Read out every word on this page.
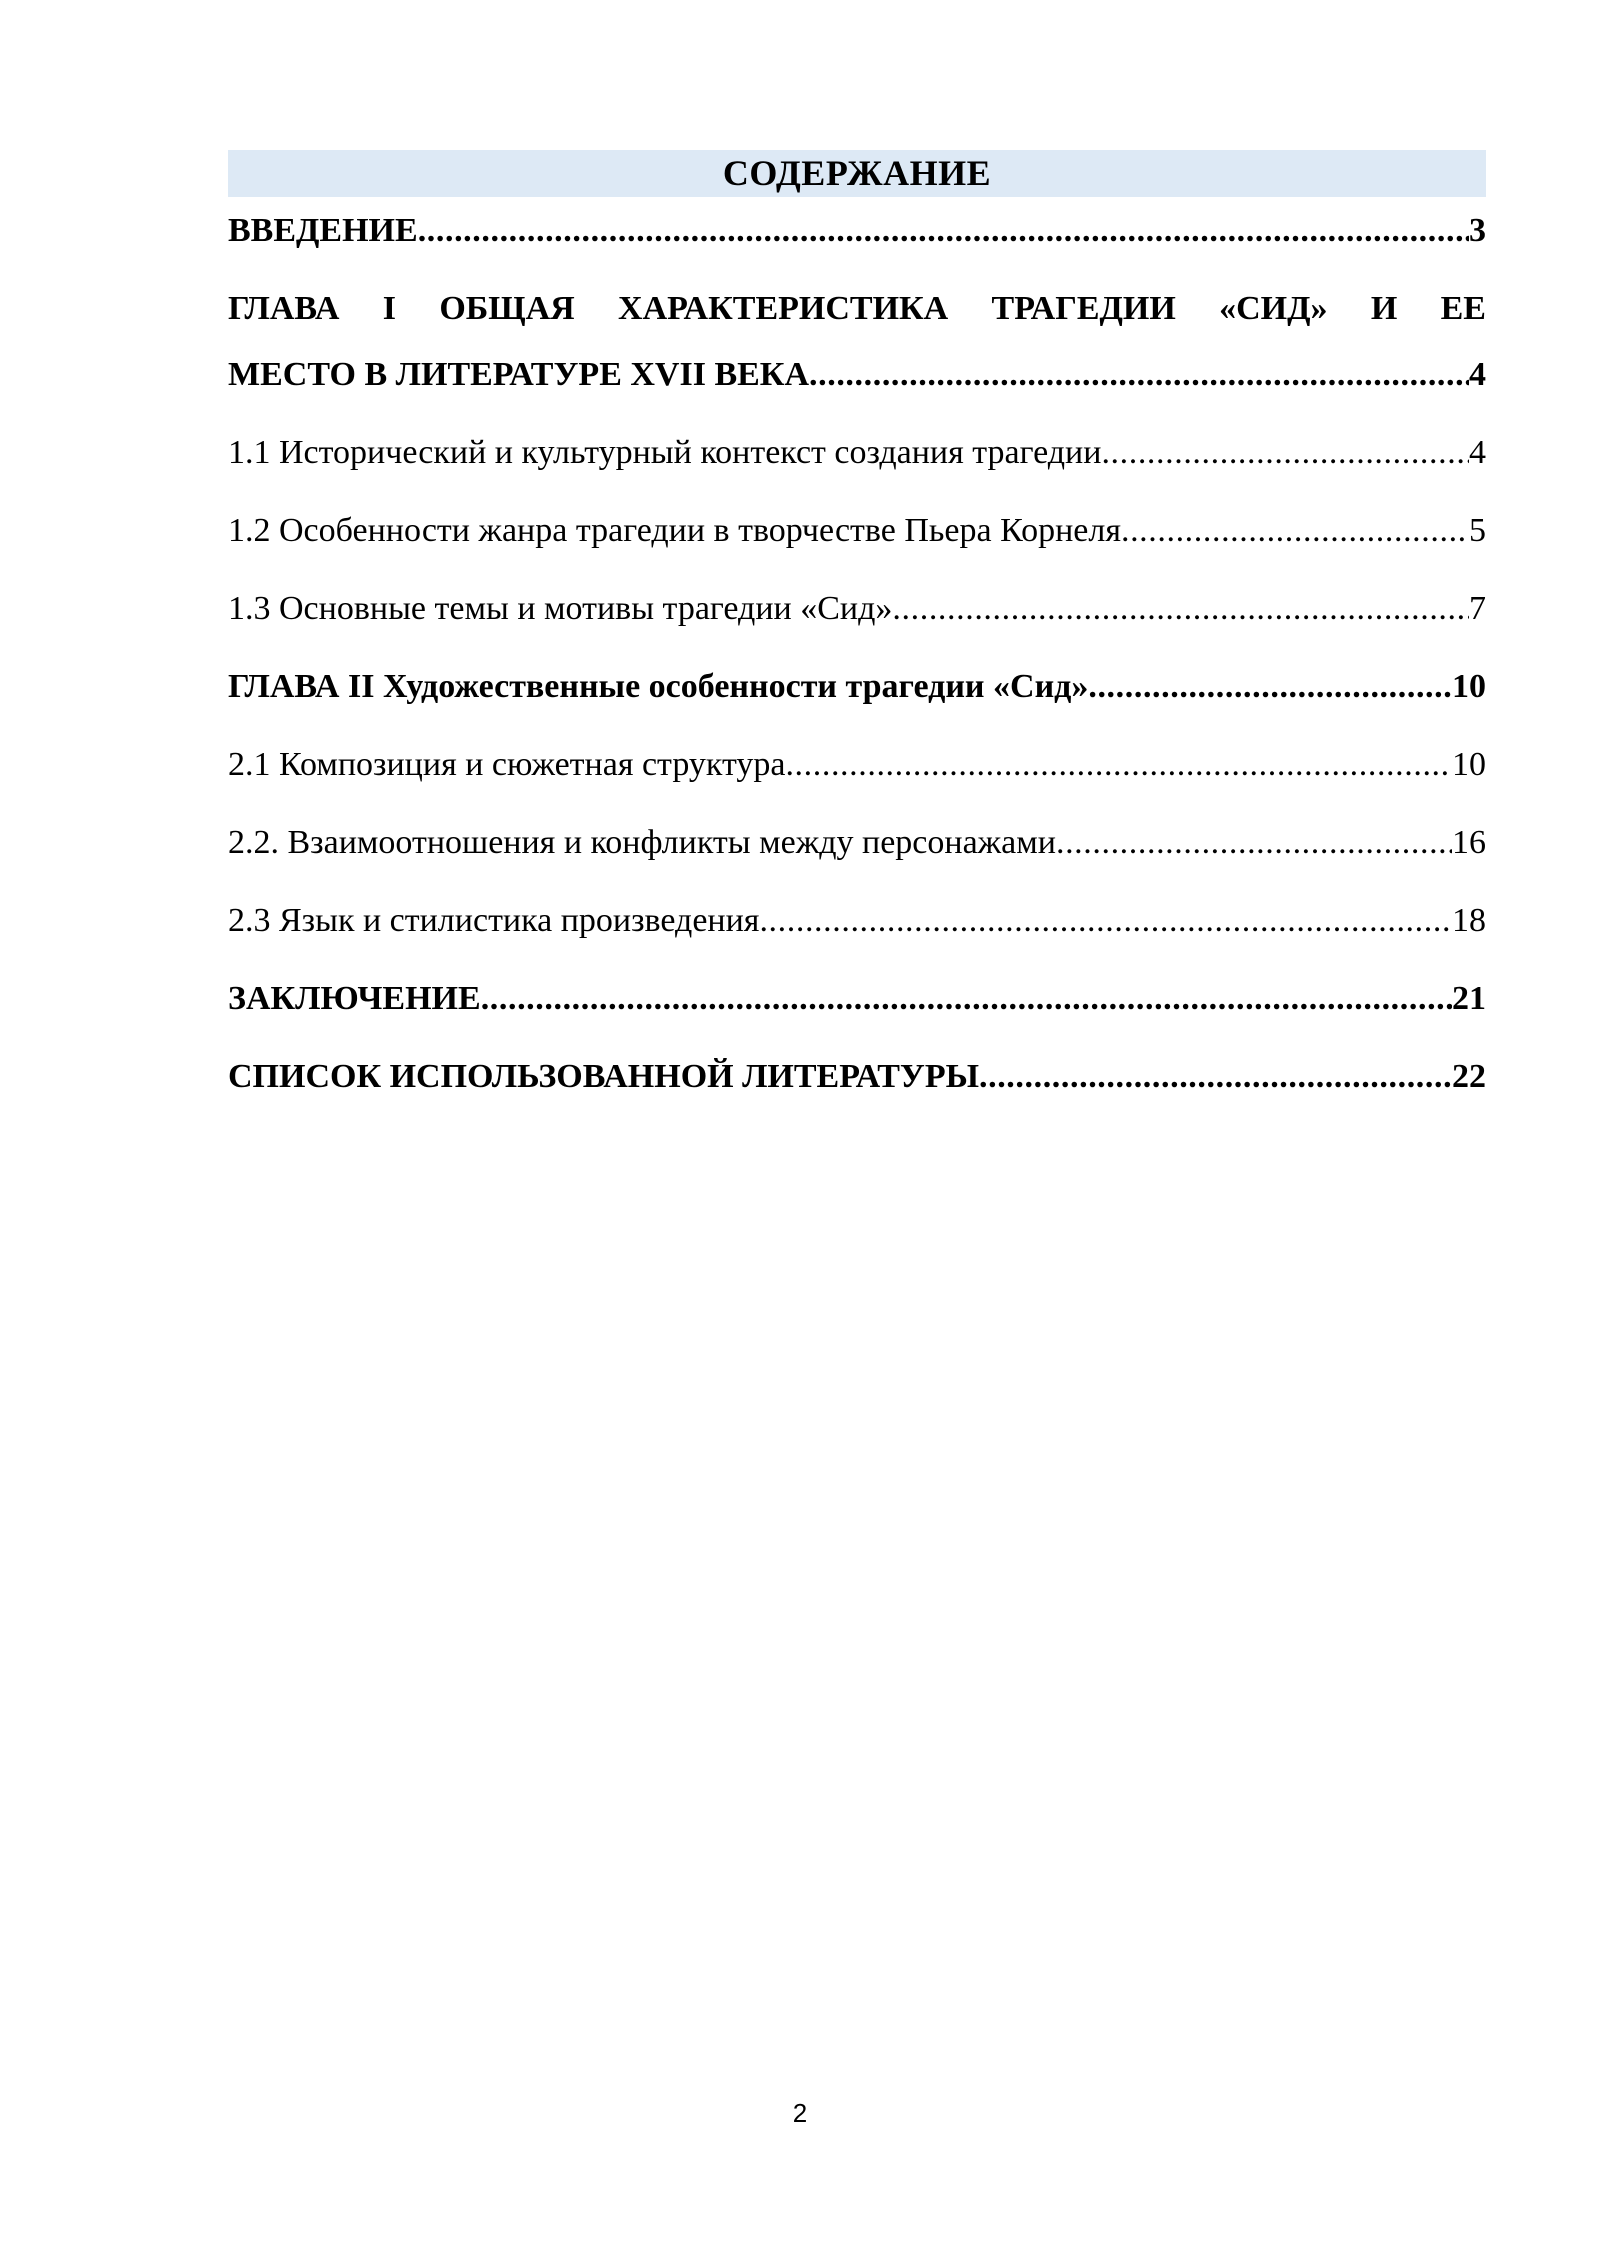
СОДЕРЖАНИЕ
ВВЕДЕНИЕ .....	3
ГЛАВА I ОБЩАЯ ХАРАКТЕРИСТИКА ТРАГЕДИИ «СИД» И ЕЕ
МЕСТО В ЛИТЕРАТУРЕ XVII ВЕКА .....	4
1.1 Исторический и культурный контекст создания трагедии .....	4
1.2 Особенности жанра трагедии в творчестве Пьера Корнеля .....	5
1.3 Основные темы и мотивы трагедии «Сид» .....	7
ГЛАВА II Художественные особенности трагедии «Сид» .....	10
2.1 Композиция и сюжетная структура .....	10
2.2. Взаимоотношения и конфликты между персонажами .....	16
2.3 Язык и стилистика произведения .....	18
ЗАКЛЮЧЕНИЕ .....	21
СПИСОК ИСПОЛЬЗОВАННОЙ ЛИТЕРАТУРЫ .....	22
2
